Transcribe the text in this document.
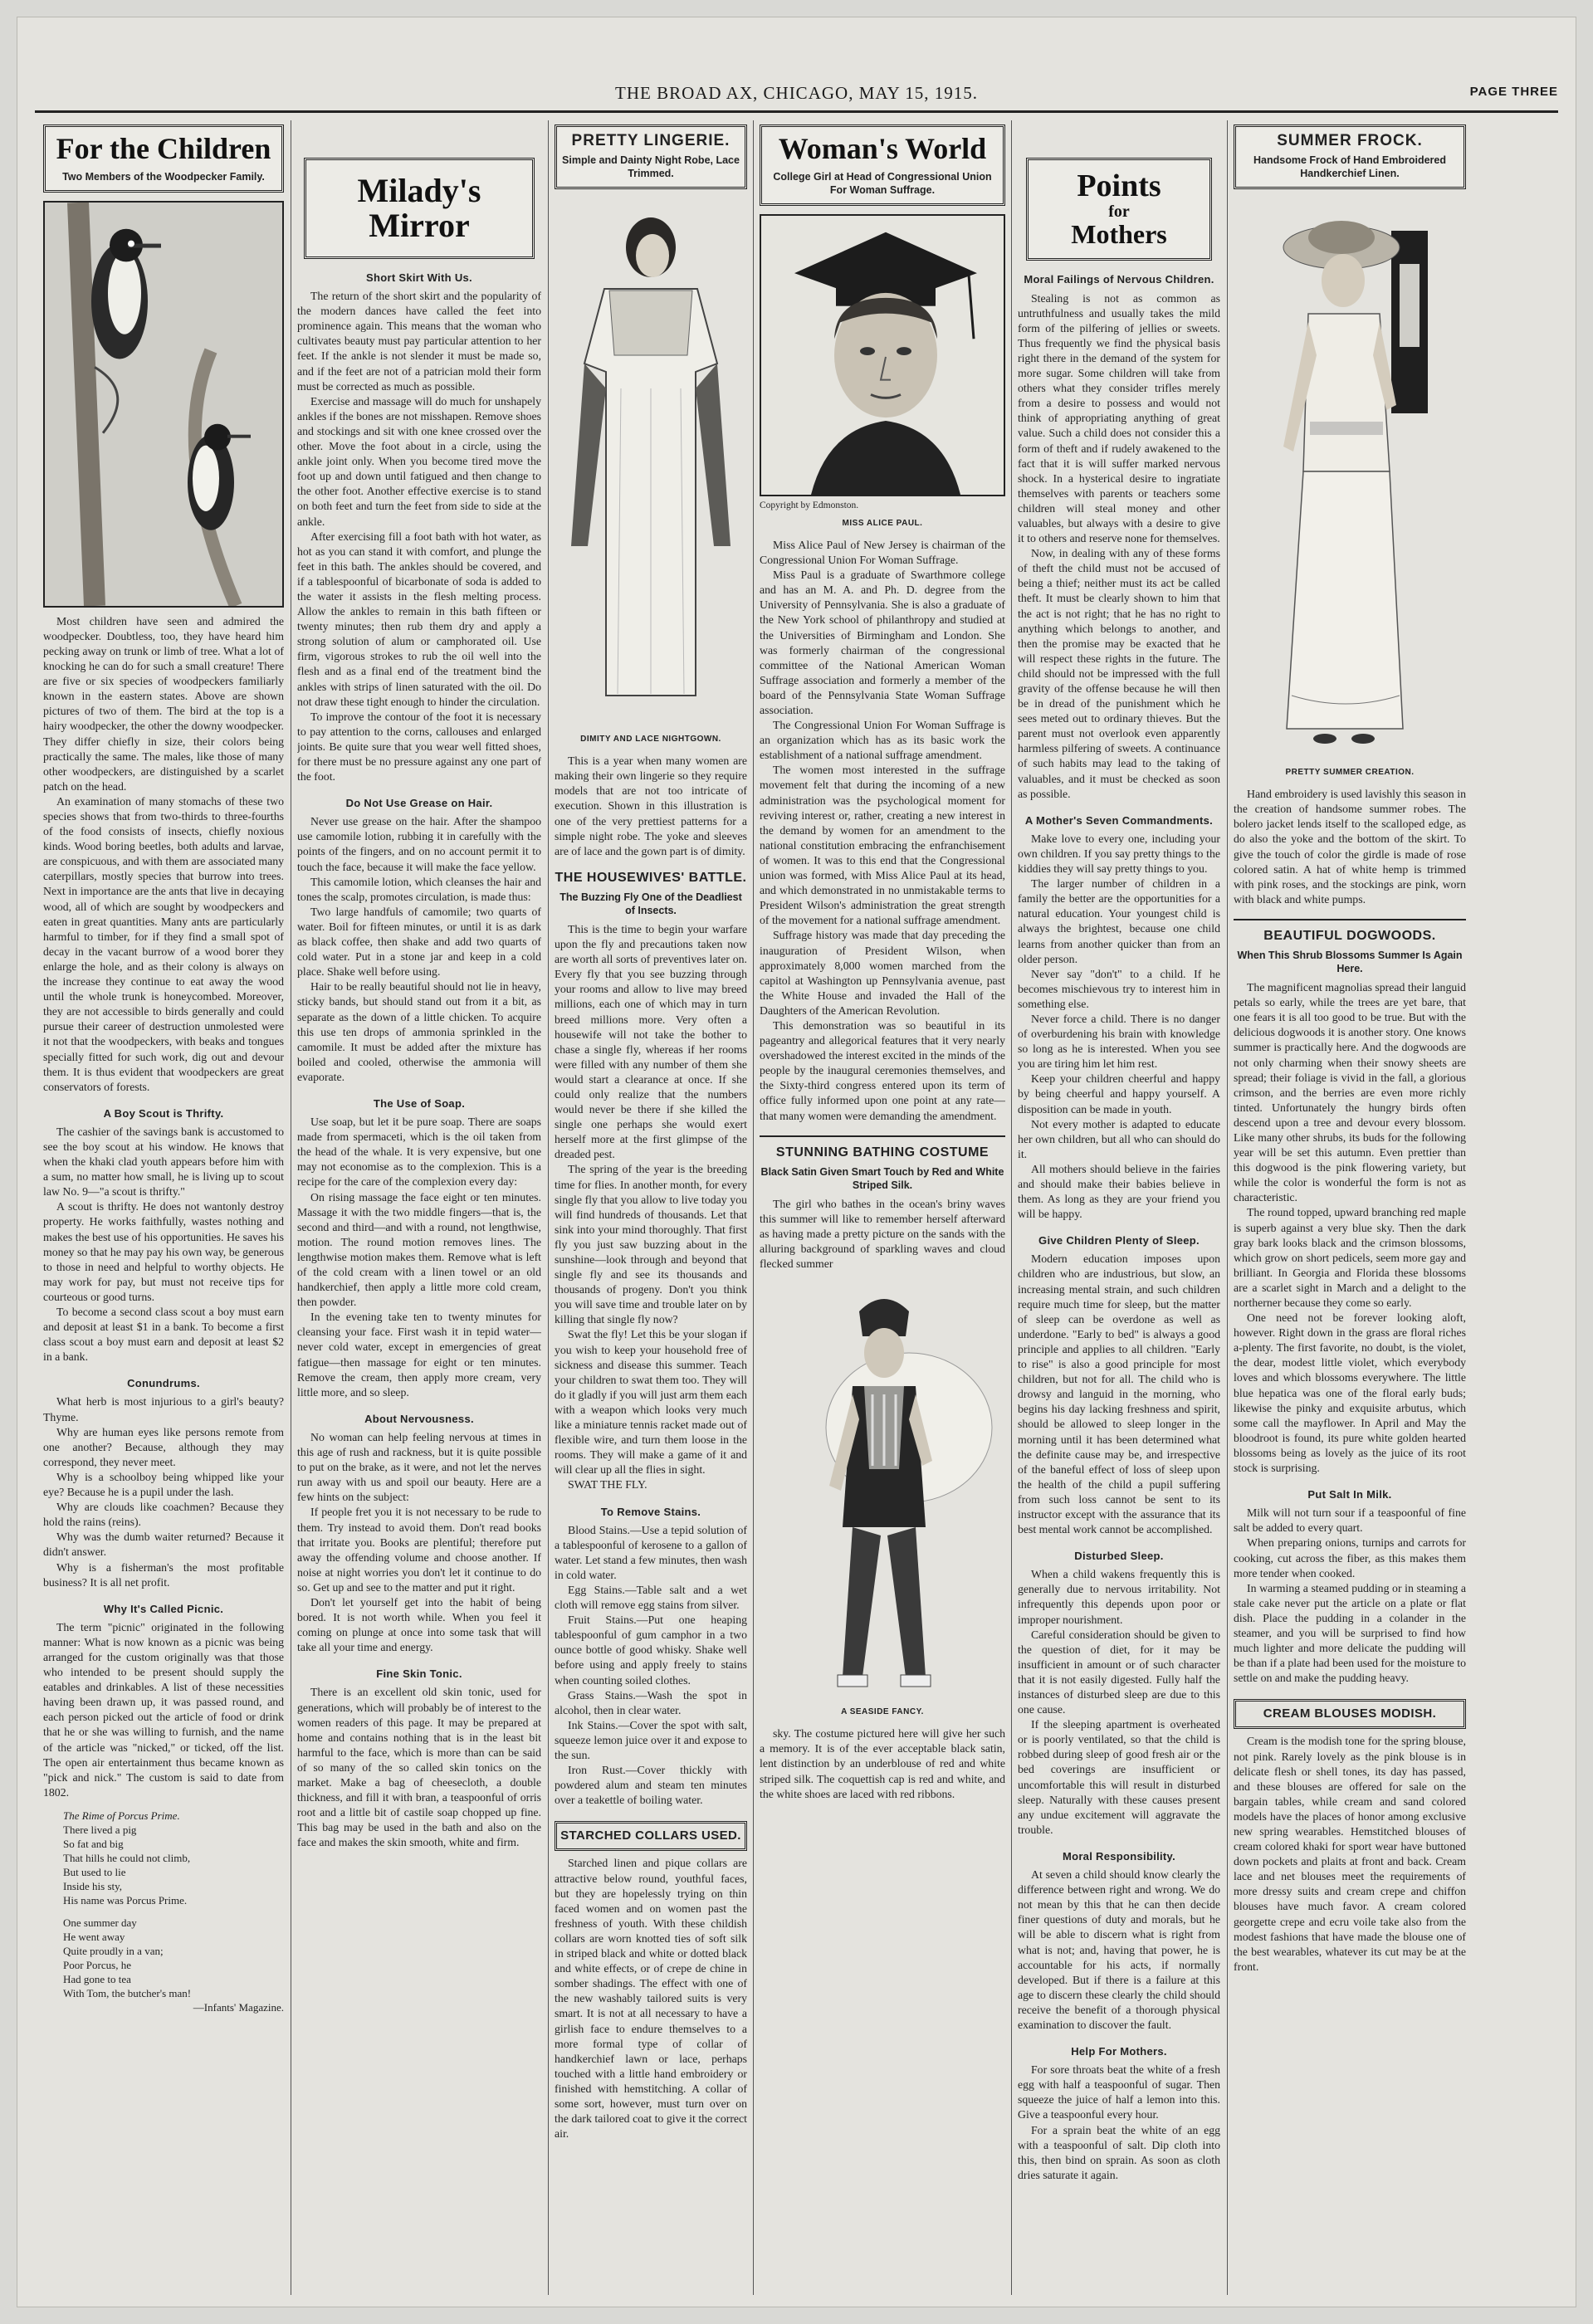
THE BROAD AX, CHICAGO, MAY 15, 1915.	PAGE THREE
For the Children
Two Members of the Woodpecker Family.

Most children have seen and admired the woodpecker. Doubtless, too, they have heard him pecking away on trunk or limb of tree. What a lot of knocking he can do for such a small creature! There are five or six species of woodpeckers familiarly known in the eastern states. Above are shown pictures of two of them. The bird at the top is a hairy woodpecker, the other the downy woodpecker. They differ chiefly in size, their colors being practically the same. The males, like those of many other woodpeckers, are distinguished by a scarlet patch on the head.

An examination of many stomachs of these two species shows that from two-thirds to three-fourths of the food consists of insects, chiefly noxious kinds. Wood boring beetles, both adults and larvae, are conspicuous, and with them are associated many caterpillars, mostly species that burrow into trees. Next in importance are the ants that live in decaying wood, all of which are sought by woodpeckers and eaten in great quantities. Many ants are particularly harmful to timber, for if they find a small spot of decay in the vacant burrow of a wood borer they enlarge the hole, and as their colony is always on the increase they continue to eat away the wood until the whole trunk is honeycombed. Moreover, they are not accessible to birds generally and could pursue their career of destruction unmolested were it not that the woodpeckers, with beaks and tongues specially fitted for such work, dig out and devour them. It is thus evident that woodpeckers are great conservators of forests.

A Boy Scout is Thrifty.

The cashier of the savings bank is accustomed to see the boy scout at his window. He knows that when the khaki clad youth appears before him with a sum, no matter how small, he is living up to scout law No. 9—"a scout is thrifty."

A scout is thrifty. He does not wantonly destroy property. He works faithfully, wastes nothing and makes the best use of his opportunities. He saves his money so that he may pay his own way, be generous to those in need and helpful to worthy objects. He may work for pay, but must not receive tips for courteous or good turns.

To become a second class scout a boy must earn and deposit at least $1 in a bank. To become a first class scout a boy must earn and deposit at least $2 in a bank.

Conundrums.

What herb is most injurious to a girl's beauty? Thyme.

Why are human eyes like persons remote from one another? Because, although they may correspond, they never meet.

Why is a schoolboy being whipped like your eye? Because he is a pupil under the lash.

Why are clouds like coachmen? Because they hold the rains (reins).

Why was the dumb waiter returned? Because it didn't answer.

Why is a fisherman's the most profitable business? It is all net profit.

Why It's Called Picnic.

The term "picnic" originated in the following manner: What is now known as a picnic was being arranged for the custom originally was that those who intended to be present should supply the eatables and drinkables. A list of these necessities having been drawn up, it was passed round, and each person picked out the article of food or drink that he or she was willing to furnish, and the name of the article was "nicked," or ticked, off the list. The open air entertainment thus became known as "pick and nick." The custom is said to date from 1802.

The Rime of Porcus Prime.
There lived a pig
So fat and big
That hills he could not climb,
But used to lie
Inside his sty,
His name was Porcus Prime.
One summer day
He went away
Quite proudly in a van;
Poor Porcus, he
Had gone to tea
With Tom, the butcher's man!
—Infants' Magazine.
Milady's
Mirror
Short Skirt With Us.

The return of the short skirt and the popularity of the modern dances have called the feet into prominence again. This means that the woman who cultivates beauty must pay particular attention to her feet. If the ankle is not slender it must be made so, and if the feet are not of a patrician mold their form must be corrected as much as possible.

Exercise and massage will do much for unshapely ankles if the bones are not misshapen. Remove shoes and stockings and sit with one knee crossed over the other. Move the foot about in a circle, using the ankle joint only. When you become tired move the foot up and down until fatigued and then change to the other foot. Another effective exercise is to stand on both feet and turn the feet from side to side at the ankle.

After exercising fill a foot bath with hot water, as hot as you can stand it with comfort, and plunge the feet in this bath. The ankles should be covered, and if a tablespoonful of bicarbonate of soda is added to the water it assists in the flesh melting process. Allow the ankles to remain in this bath fifteen or twenty minutes; then rub them dry and apply a strong solution of alum or camphorated oil. Use firm, vigorous strokes to rub the oil well into the flesh and as a final end of the treatment bind the ankles with strips of linen saturated with the oil. Do not draw these tight enough to hinder the circulation.

To improve the contour of the foot it is necessary to pay attention to the corns, callouses and enlarged joints. Be quite sure that you wear well fitted shoes, for there must be no pressure against any one part of the foot.

Do Not Use Grease on Hair.

Never use grease on the hair. After the shampoo use camomile lotion, rubbing it in carefully with the points of the fingers, and on no account permit it to touch the face, because it will make the face yellow.

This camomile lotion, which cleanses the hair and tones the scalp, promotes circulation, is made thus:

Two large handfuls of camomile; two quarts of water. Boil for fifteen minutes, or until it is as dark as black coffee, then shake and add two quarts of cold water. Put in a stone jar and keep in a cold place. Shake well before using.

Hair to be really beautiful should not lie in heavy, sticky bands, but should stand out from it a bit, as separate as the down of a little chicken. To acquire this use ten drops of ammonia sprinkled in the camomile. It must be added after the mixture has boiled and cooled, otherwise the ammonia will evaporate.

The Use of Soap.

Use soap, but let it be pure soap. There are soaps made from spermaceti, which is the oil taken from the head of the whale. It is very expensive, but one may not economise as to the complexion. This is a recipe for the care of the complexion every day:

On rising massage the face eight or ten minutes. Massage it with the two middle fingers—that is, the second and third—and with a round, not lengthwise, motion. The round motion removes lines. The lengthwise motion makes them. Remove what is left of the cold cream with a linen towel or an old handkerchief, then apply a little more cold cream, then powder.

In the evening take ten to twenty minutes for cleansing your face. First wash it in tepid water—never cold water, except in emergencies of great fatigue—then massage for eight or ten minutes. Remove the cream, then apply more cream, very little more, and so sleep.

About Nervousness.

No woman can help feeling nervous at times in this age of rush and rackness, but it is quite possible to put on the brake, as it were, and not let the nerves run away with us and spoil our beauty. Here are a few hints on the subject:

If people fret you it is not necessary to be rude to them. Try instead to avoid them. Don't read books that irritate you. Books are plentiful; therefore put away the offending volume and choose another. If noise at night worries you don't let it continue to do so. Get up and see to the matter and put it right.

Don't let yourself get into the habit of being bored. It is not worth while. When you feel it coming on plunge at once into some task that will take all your time and energy.

Fine Skin Tonic.

There is an excellent old skin tonic, used for generations, which will probably be of interest to the women readers of this page. It may be prepared at home and contains nothing that is in the least bit harmful to the face, which is more than can be said of so many of the so called skin tonics on the market. Make a bag of cheesecloth, a double thickness, and fill it with bran, a teaspoonful of orris root and a little bit of castile soap chopped up fine. This bag may be used in the bath and also on the face and makes the skin smooth, white and firm.

PRETTY LINGERIE.
Simple and Dainty Night Robe, Lace Trimmed.
DIMITY AND LACE NIGHTGOWN.

This is a year when many women are making their own lingerie so they require models that are not too intricate of execution. Shown in this illustration is one of the very prettiest patterns for a simple night robe. The yoke and sleeves are of lace and the gown part is of dimity.

THE HOUSEWIVES' BATTLE.
The Buzzing Fly One of the Deadliest of Insects.

This is the time to begin your warfare upon the fly and precautions taken now are worth all sorts of preventives later on. Every fly that you see buzzing through your rooms and allow to live may breed millions, each one of which may in turn breed millions more. Very often a housewife will not take the bother to chase a single fly, whereas if her rooms were filled with any number of them she would start a clearance at once. If she could only realize that the numbers would never be there if she killed the single one perhaps she would exert herself more at the first glimpse of the dreaded pest.

The spring of the year is the breeding time for flies. In another month, for every single fly that you allow to live today you will find hundreds of thousands. Let that sink into your mind thoroughly. That first fly you just saw buzzing about in the sunshine—look through and beyond that single fly and see its thousands and thousands of progeny. Don't you think you will save time and trouble later on by killing that single fly now?

Swat the fly! Let this be your slogan if you wish to keep your household free of sickness and disease this summer. Teach your children to swat them too. They will do it gladly if you will just arm them each with a weapon which looks very much like a miniature tennis racket made out of flexible wire, and turn them loose in the rooms. They will make a game of it and will clear up all the flies in sight.

SWAT THE FLY.

To Remove Stains.

Blood Stains.—Use a tepid solution of a tablespoonful of kerosene to a gallon of water. Let stand a few minutes, then wash in cold water.

Egg Stains.—Table salt and a wet cloth will remove egg stains from silver.

Fruit Stains.—Put one heaping tablespoonful of gum camphor in a two ounce bottle of good whisky. Shake well before using and apply freely to stains when counting soiled clothes.

Grass Stains.—Wash the spot in alcohol, then in clear water.

Ink Stains.—Cover the spot with salt, squeeze lemon juice over it and expose to the sun.

Iron Rust.—Cover thickly with powdered alum and steam ten minutes over a teakettle of boiling water.

STARCHED COLLARS USED.

Starched linen and pique collars are attractive below round, youthful faces, but they are hopelessly trying on thin faced women and on women past the freshness of youth. With these childish collars are worn knotted ties of soft silk in striped black and white or dotted black and white effects, or of crepe de chine in somber shadings. The effect with one of the new washably tailored suits is very smart. It is not at all necessary to have a girlish face to endure themselves to a more formal type of collar of handkerchief lawn or lace, perhaps touched with a little hand embroidery or finished with hemstitching. A collar of some sort, however, must turn over on the dark tailored coat to give it the correct air.

Woman's World
College Girl at Head of Congressional Union For Woman Suffrage.
Copyright by Edmonston.
MISS ALICE PAUL.

Miss Alice Paul of New Jersey is chairman of the Congressional Union For Woman Suffrage.

Miss Paul is a graduate of Swarthmore college and has an M. A. and Ph. D. degree from the University of Pennsylvania. She is also a graduate of the New York school of philanthropy and studied at the Universities of Birmingham and London. She was formerly chairman of the congressional committee of the National American Woman Suffrage association and formerly a member of the board of the Pennsylvania State Woman Suffrage association.

The Congressional Union For Woman Suffrage is an organization which has as its basic work the establishment of a national suffrage amendment.

The women most interested in the suffrage movement felt that during the incoming of a new administration was the psychological moment for reviving interest or, rather, creating a new interest in the demand by women for an amendment to the national constitution embracing the enfranchisement of women. It was to this end that the Congressional union was formed, with Miss Alice Paul at its head, and which demonstrated in no unmistakable terms to President Wilson's administration the great strength of the movement for a national suffrage amendment.

Suffrage history was made that day preceding the inauguration of President Wilson, when approximately 8,000 women marched from the capitol at Washington up Pennsylvania avenue, past the White House and invaded the Hall of the Daughters of the American Revolution.

This demonstration was so beautiful in its pageantry and allegorical features that it very nearly overshadowed the interest excited in the minds of the people by the inaugural ceremonies themselves, and the Sixty-third congress entered upon its term of office fully informed upon one point at any rate—that many women were demanding the amendment.

STUNNING BATHING COSTUME
Black Satin Given Smart Touch by Red and White Striped Silk.

The girl who bathes in the ocean's briny waves this summer will like to remember herself afterward as having made a pretty picture on the sands with the alluring background of sparkling waves and cloud flecked summer

A SEASIDE FANCY.

sky. The costume pictured here will give her such a memory. It is of the ever acceptable black satin, lent distinction by an underblouse of red and white striped silk. The coquettish cap is red and white, and the white shoes are laced with red ribbons.

Points
for
Mothers
Moral Failings of Nervous Children.

Stealing is not as common as untruthfulness and usually takes the mild form of the pilfering of jellies or sweets. Thus frequently we find the physical basis right there in the demand of the system for more sugar. Some children will take from others what they consider trifles merely from a desire to possess and would not think of appropriating anything of great value. Such a child does not consider this a form of theft and if rudely awakened to the fact that it is will suffer marked nervous shock. In a hysterical desire to ingratiate themselves with parents or teachers some children will steal money and other valuables, but always with a desire to give it to others and reserve none for themselves.

Now, in dealing with any of these forms of theft the child must not be accused of being a thief; neither must its act be called theft. It must be clearly shown to him that the act is not right; that he has no right to anything which belongs to another, and then the promise may be exacted that he will respect these rights in the future. The child should not be impressed with the full gravity of the offense because he will then be in dread of the punishment which he sees meted out to ordinary thieves. But the parent must not overlook even apparently harmless pilfering of sweets. A continuance of such habits may lead to the taking of valuables, and it must be checked as soon as possible.

A Mother's Seven Commandments.

Make love to every one, including your own children. If you say pretty things to the kiddies they will say pretty things to you.

The larger number of children in a family the better are the opportunities for a natural education. Your youngest child is always the brightest, because one child learns from another quicker than from an older person.

Never say "don't" to a child. If he becomes mischievous try to interest him in something else.

Never force a child. There is no danger of overburdening his brain with knowledge so long as he is interested. When you see you are tiring him let him rest.

Keep your children cheerful and happy by being cheerful and happy yourself. A disposition can be made in youth.

Not every mother is adapted to educate her own children, but all who can should do it.

All mothers should believe in the fairies and should make their babies believe in them. As long as they are your friend you will be happy.

Give Children Plenty of Sleep.

Modern education imposes upon children who are industrious, but slow, an increasing mental strain, and such children require much time for sleep, but the matter of sleep can be overdone as well as underdone. "Early to bed" is always a good principle and applies to all children. "Early to rise" is also a good principle for most children, but not for all. The child who is drowsy and languid in the morning, who begins his day lacking freshness and spirit, should be allowed to sleep longer in the morning until it has been determined what the definite cause may be, and irrespective of the baneful effect of loss of sleep upon the health of the child a pupil suffering from such loss cannot be sent to its instructor except with the assurance that its best mental work cannot be accomplished.

Disturbed Sleep.

When a child wakens frequently this is generally due to nervous irritability. Not infrequently this depends upon poor or improper nourishment.

Careful consideration should be given to the question of diet, for it may be insufficient in amount or of such character that it is not easily digested. Fully half the instances of disturbed sleep are due to this one cause.

If the sleeping apartment is overheated or is poorly ventilated, so that the child is robbed during sleep of good fresh air or the bed coverings are insufficient or uncomfortable this will result in disturbed sleep. Naturally with these causes present any undue excitement will aggravate the trouble.

Moral Responsibility.

At seven a child should know clearly the difference between right and wrong. We do not mean by this that he can then decide finer questions of duty and morals, but he will be able to discern what is right from what is not; and, having that power, he is accountable for his acts, if normally developed. But if there is a failure at this age to discern these clearly the child should receive the benefit of a thorough physical examination to discover the fault.

Help For Mothers.

For sore throats beat the white of a fresh egg with half a teaspoonful of sugar. Then squeeze the juice of half a lemon into this. Give a teaspoonful every hour.

For a sprain beat the white of an egg with a teaspoonful of salt. Dip cloth into this, then bind on sprain. As soon as cloth dries saturate it again.

SUMMER FROCK.
Handsome Frock of Hand Embroidered Handkerchief Linen.
PRETTY SUMMER CREATION.

Hand embroidery is used lavishly this season in the creation of handsome summer robes. The bolero jacket lends itself to the scalloped edge, as do also the yoke and the bottom of the skirt. To give the touch of color the girdle is made of rose colored satin. A hat of white hemp is trimmed with pink roses, and the stockings are pink, worn with black and white pumps.

BEAUTIFUL DOGWOODS.
When This Shrub Blossoms Summer Is Again Here.

The magnificent magnolias spread their languid petals so early, while the trees are yet bare, that one fears it is all too good to be true. But with the delicious dogwoods it is another story. One knows summer is practically here. And the dogwoods are not only charming when their snowy sheets are spread; their foliage is vivid in the fall, a glorious crimson, and the berries are even more richly tinted. Unfortunately the hungry birds often descend upon a tree and devour every blossom. Like many other shrubs, its buds for the following year will be set this autumn. Even prettier than this dogwood is the pink flowering variety, but while the color is wonderful the form is not as characteristic.

The round topped, upward branching red maple is superb against a very blue sky. Then the dark gray bark looks black and the crimson blossoms, which grow on short pedicels, seem more gay and brilliant. In Georgia and Florida these blossoms are a scarlet sight in March and a delight to the northerner because they come so early.

One need not be forever looking aloft, however. Right down in the grass are floral riches a-plenty. The first favorite, no doubt, is the violet, the dear, modest little violet, which everybody loves and which blossoms everywhere. The little blue hepatica was one of the floral early buds; likewise the pinky and exquisite arbutus, which some call the mayflower. In April and May the bloodroot is found, its pure white golden hearted blossoms being as lovely as the juice of its root stock is surprising.

Put Salt In Milk.

Milk will not turn sour if a teaspoonful of fine salt be added to every quart.

When preparing onions, turnips and carrots for cooking, cut across the fiber, as this makes them more tender when cooked.

In warming a steamed pudding or in steaming a stale cake never put the article on a plate or flat dish. Place the pudding in a colander in the steamer, and you will be surprised to find how much lighter and more delicate the pudding will be than if a plate had been used for the moisture to settle on and make the pudding heavy.

CREAM BLOUSES MODISH.

Cream is the modish tone for the spring blouse, not pink. Rarely lovely as the pink blouse is in delicate flesh or shell tones, its day has passed, and these blouses are offered for sale on the bargain tables, while cream and sand colored models have the places of honor among exclusive new spring wearables. Hemstitched blouses of cream colored khaki for sport wear have buttoned down pockets and plaits at front and back. Cream lace and net blouses meet the requirements of more dressy suits and cream crepe and chiffon blouses have much favor. A cream colored georgette crepe and ecru voile take also from the modest fashions that have made the blouse one of the best wearables, whatever its cut may be at the front.
